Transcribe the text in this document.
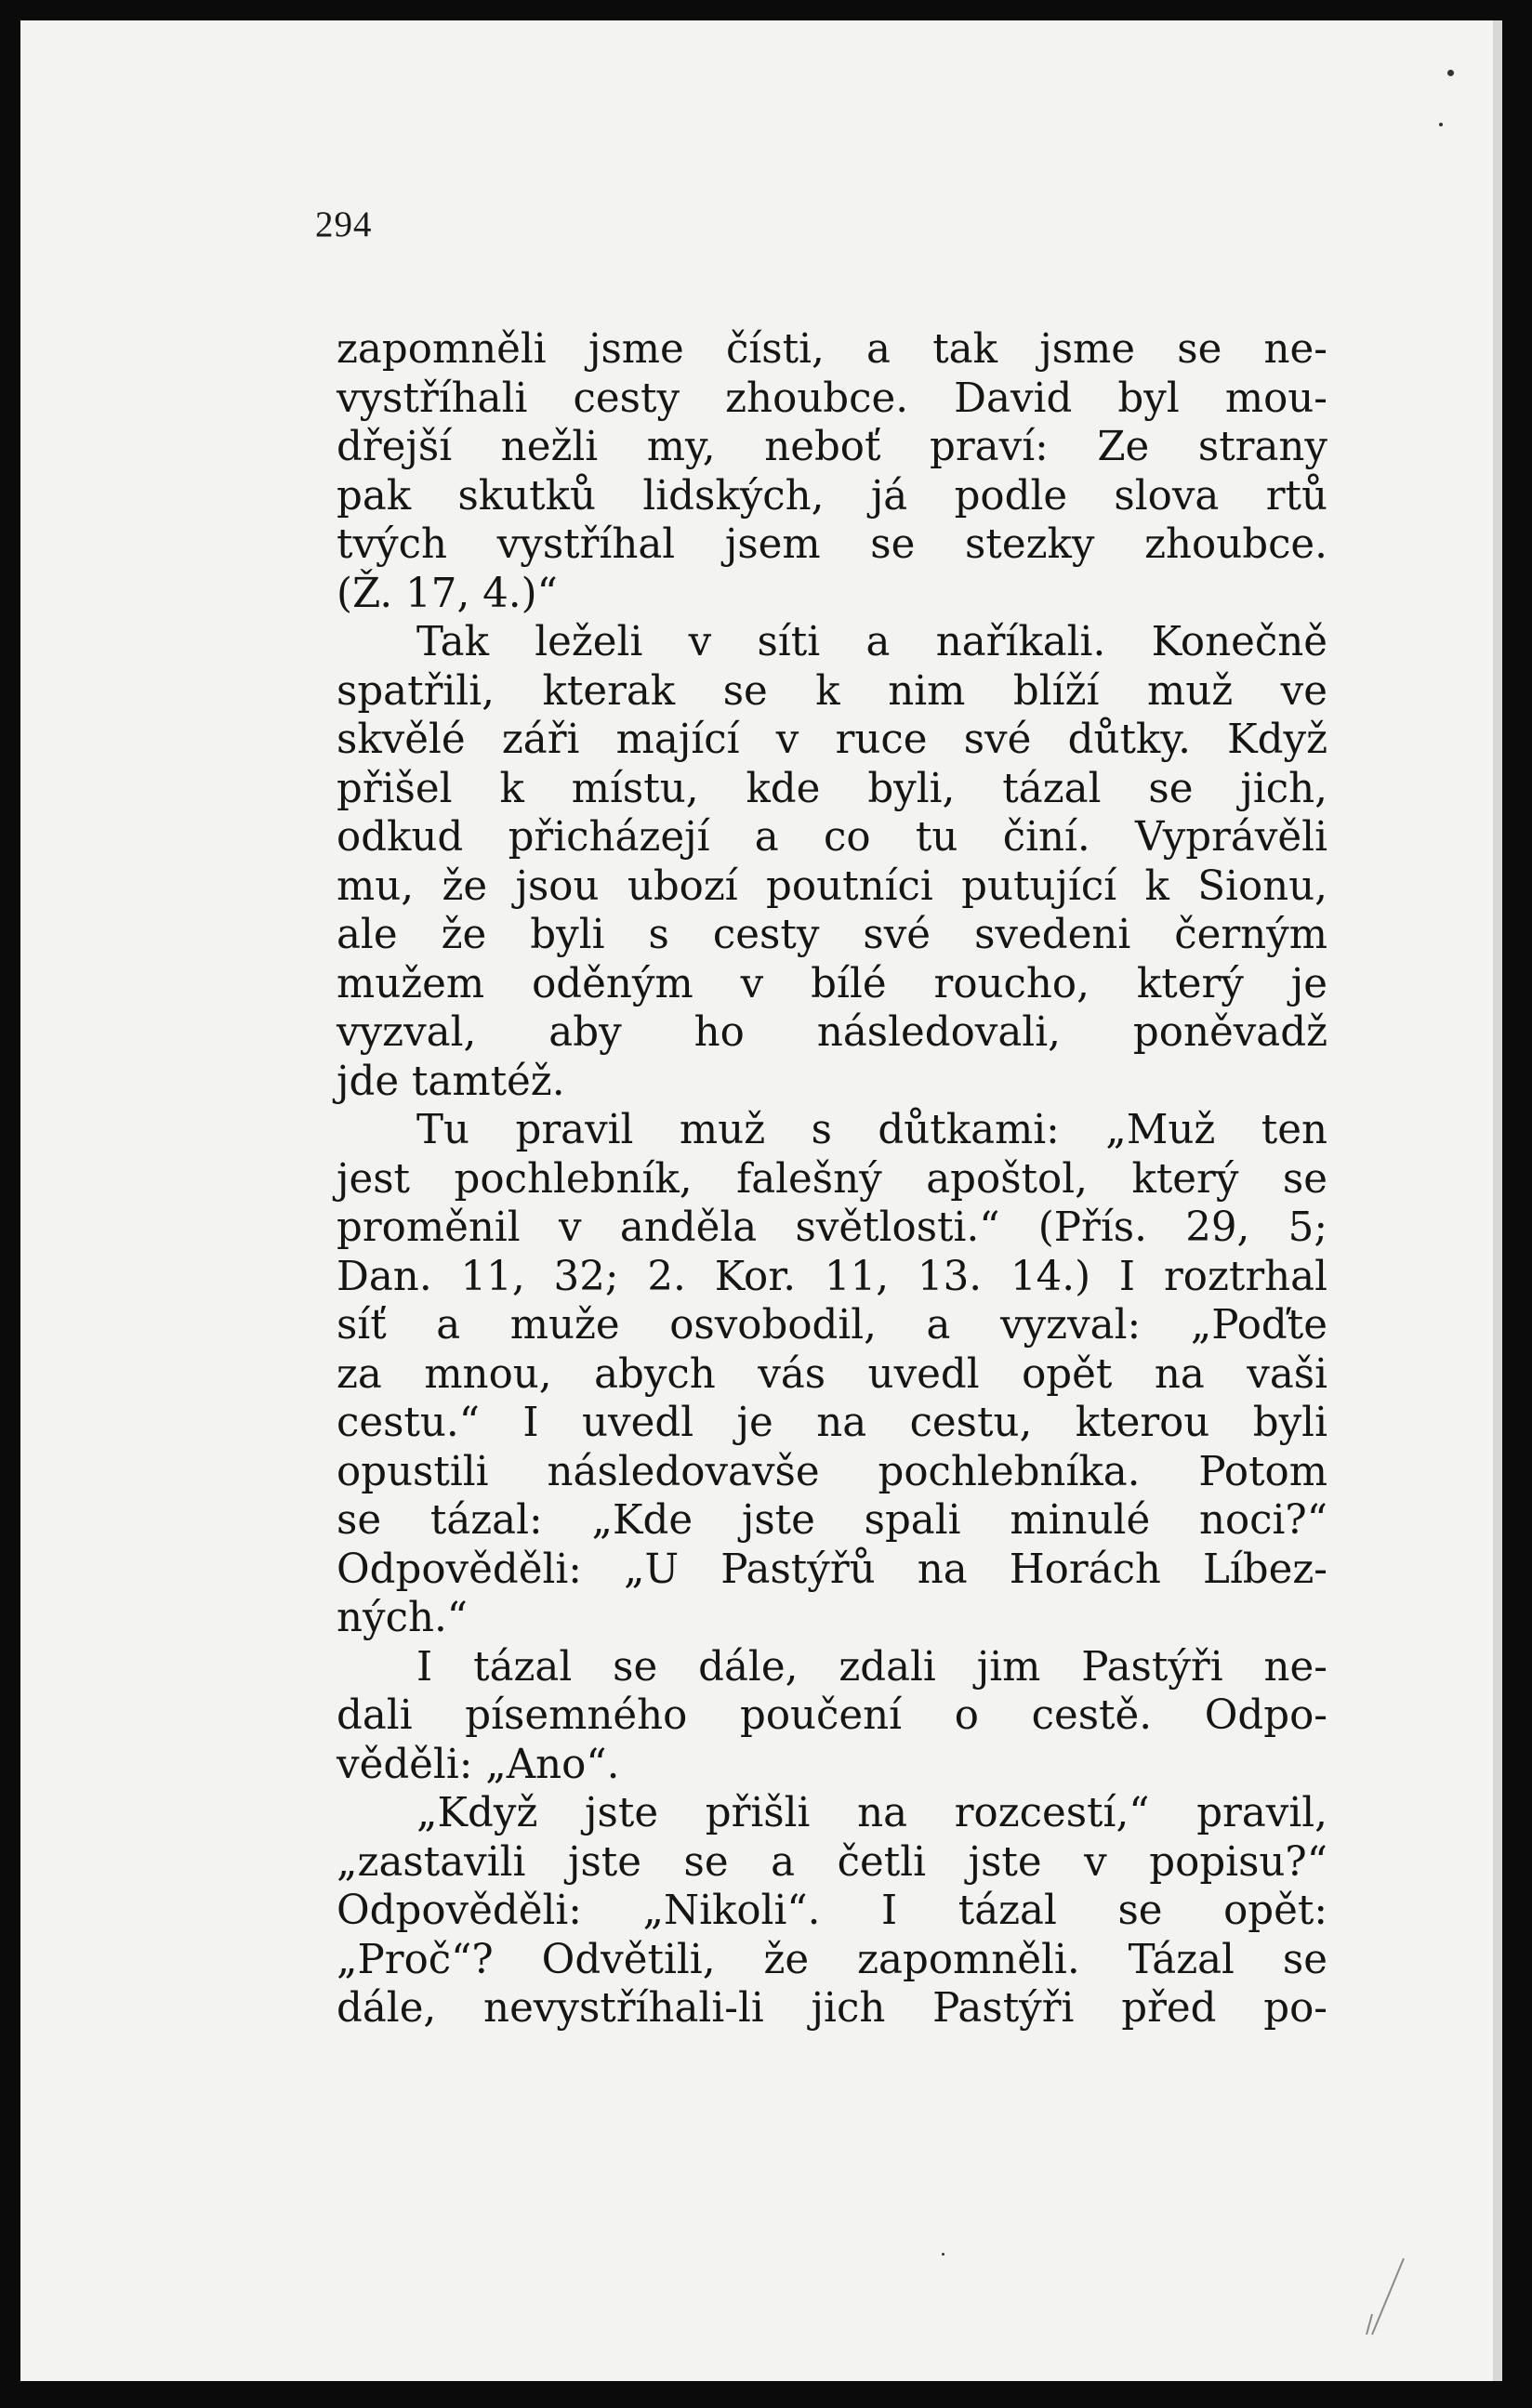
294
zapomněli jsme čísti, a tak jsme se ne-
vystříhali cesty zhoubce. David byl mou-
dřejší nežli my, neboť praví: Ze strany
pak skutků lidských, já podle slova rtů
tvých vystříhal jsem se stezky zhoubce.
(Ž. 17, 4.)“
Tak leželi v síti a naříkali. Konečně
spatřili, kterak se k nim blíží muž ve
skvělé záři mající v ruce své důtky. Když
přišel k místu, kde byli, tázal se jich,
odkud přicházejí a co tu činí. Vyprávěli
mu, že jsou ubozí poutníci putující k Sionu,
ale že byli s cesty své svedeni černým
mužem oděným v bílé roucho, který je
vyzval, aby ho následovali, poněvadž
jde tamtéž.
Tu pravil muž s důtkami: „Muž ten
jest pochlebník, falešný apoštol, který se
proměnil v anděla světlosti.“ (Přís. 29, 5;
Dan. 11, 32; 2. Kor. 11, 13. 14.) I roztrhal
síť a muže osvobodil, a vyzval: „Poďte
za mnou, abych vás uvedl opět na vaši
cestu.“ I uvedl je na cestu, kterou byli
opustili následovavše pochlebníka. Potom
se tázal: „Kde jste spali minulé noci?“
Odpověděli: „U Pastýřů na Horách Líbez-
ných.“
I tázal se dále, zdali jim Pastýři ne-
dali písemného poučení o cestě. Odpo-
věděli: „Ano“.
„Když jste přišli na rozcestí,“ pravil,
„zastavili jste se a četli jste v popisu?“
Odpověděli: „Nikoli“. I tázal se opět:
„Proč“? Odvětili, že zapomněli. Tázal se
dále, nevystříhali-li jich Pastýři před po-
